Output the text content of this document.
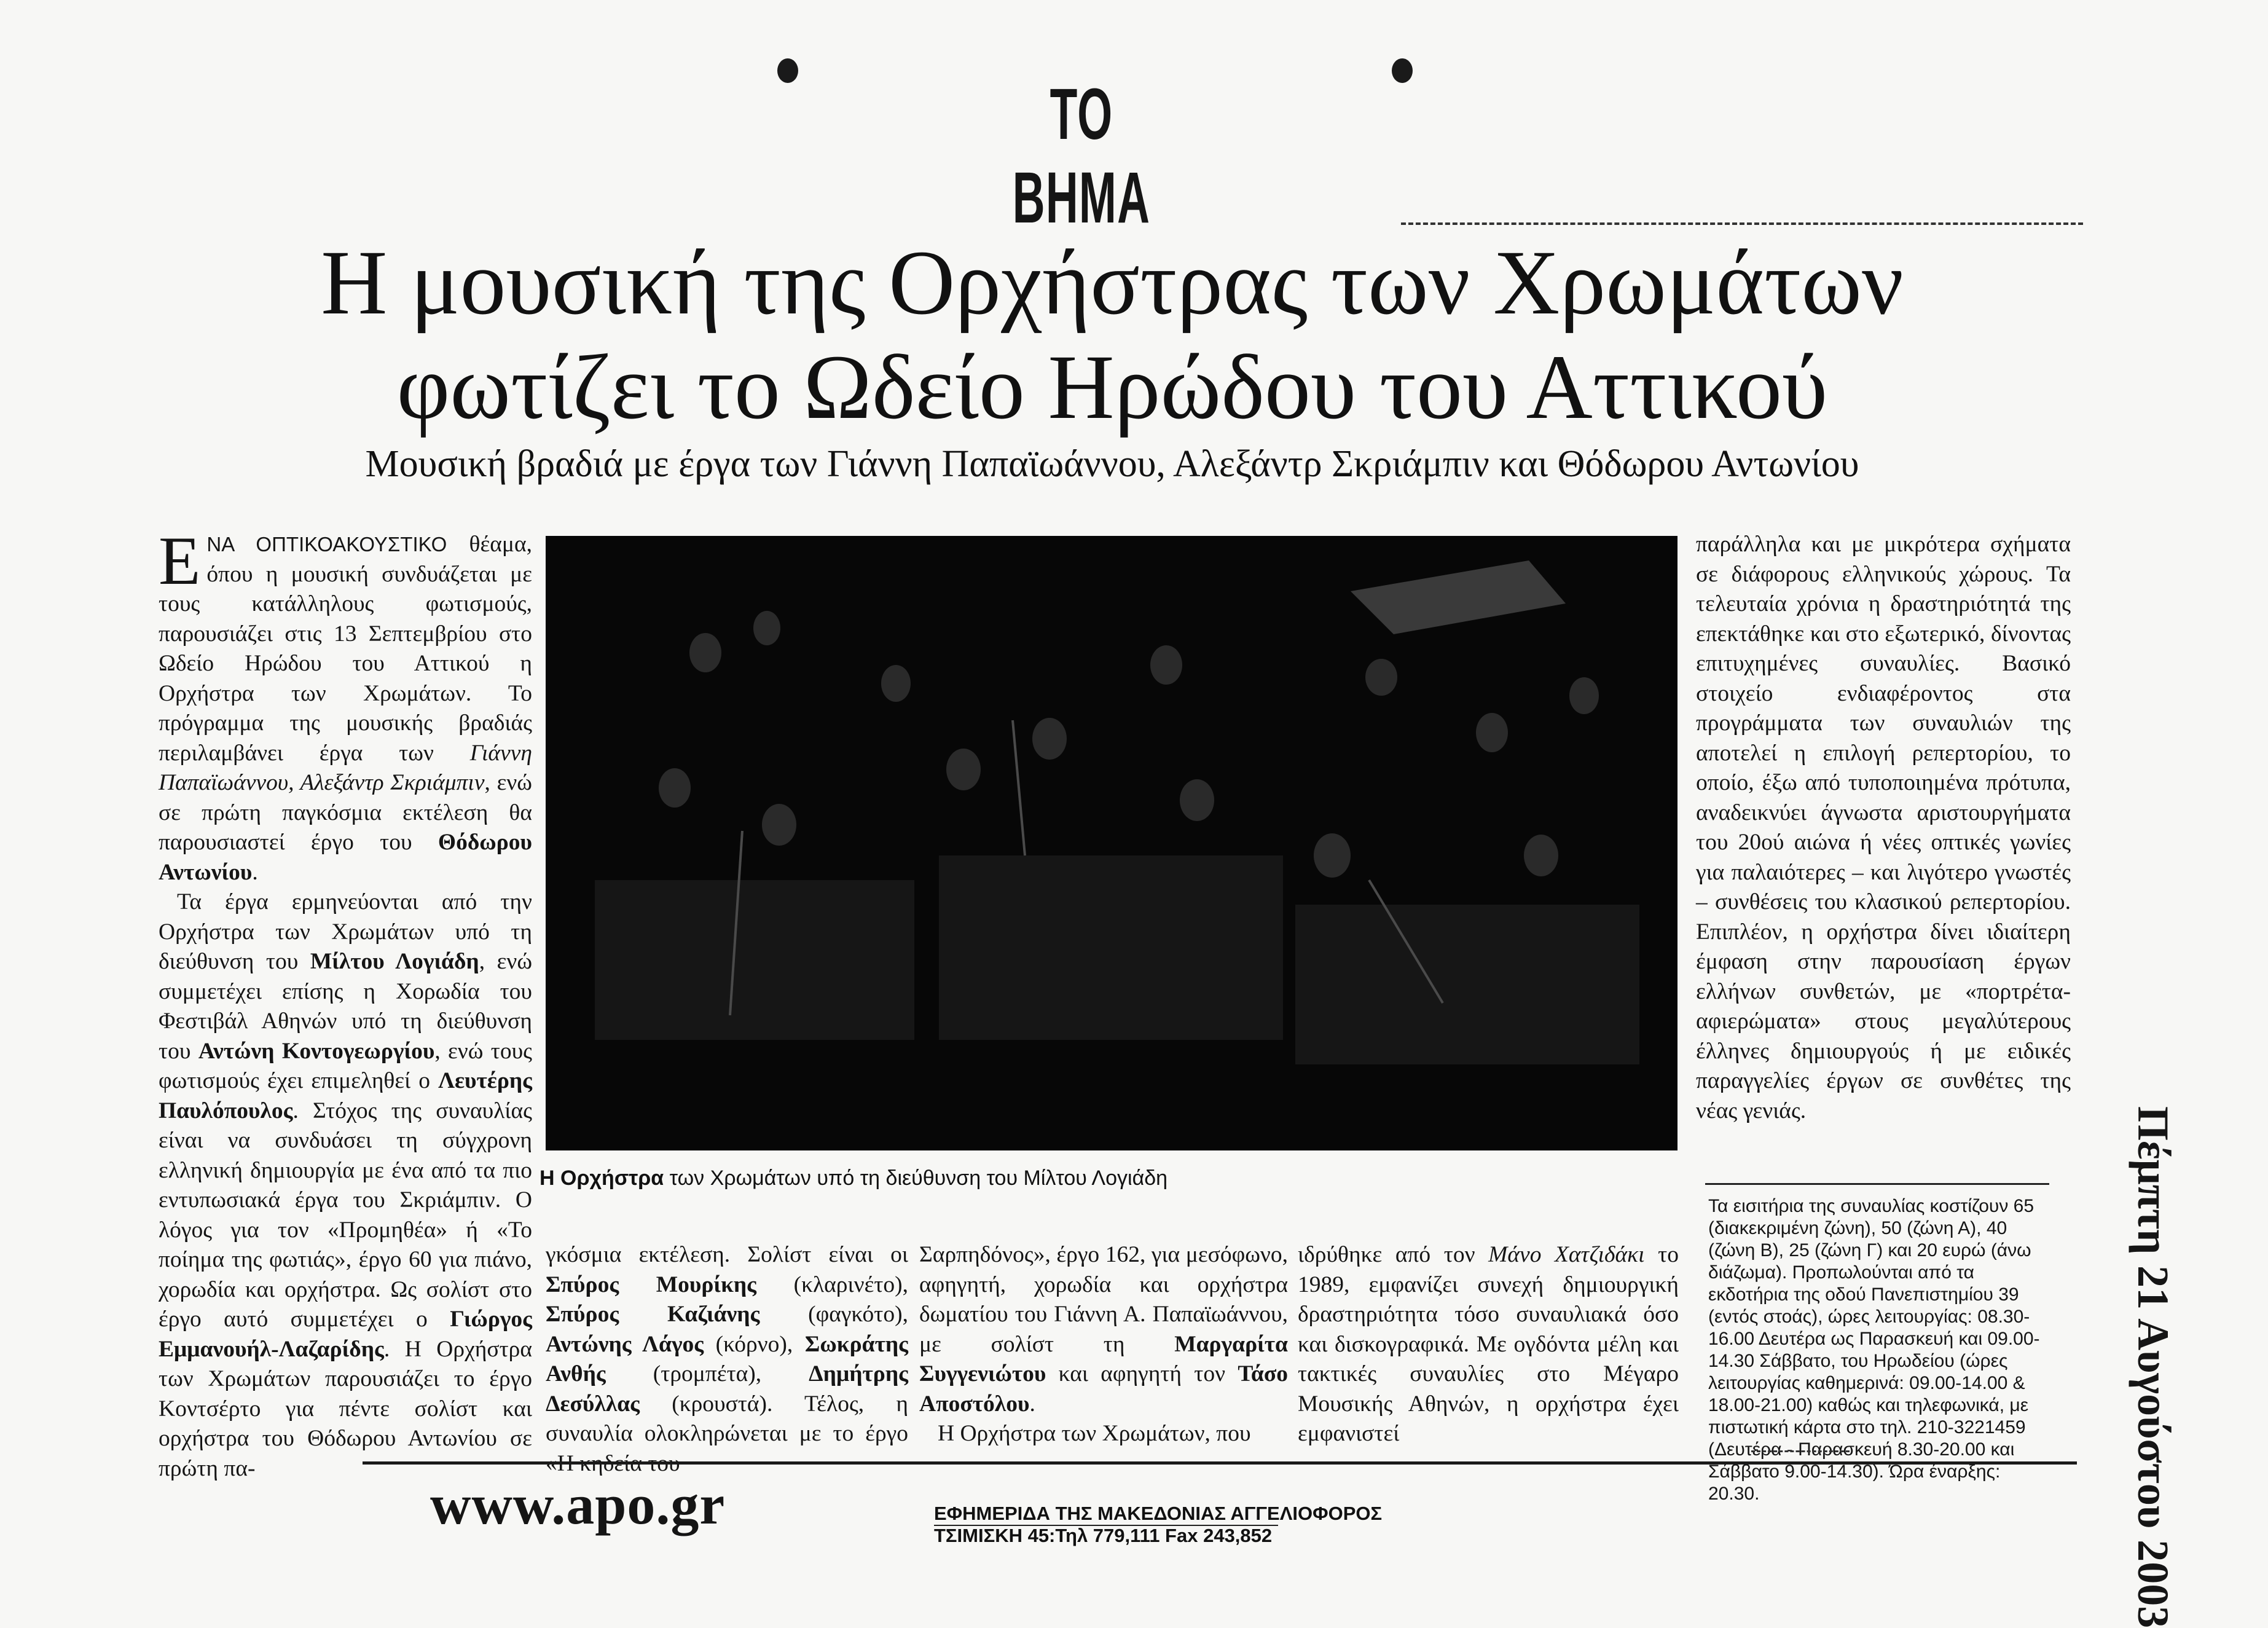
ΤΟ ΒΗΜΑ
Η μουσική της Ορχήστρας των Χρωμάτων
φωτίζει το Ωδείο Ηρώδου του Αττικού
Μουσική βραδιά με έργα των Γιάννη Παπαϊωάννου, Αλεξάντρ Σκριάμπιν και Θόδωρου Αντωνίου

ΕΝΑ ΟΠΤΙΚΟΑΚΟΥΣΤΙΚΟ θέαμα, όπου η μουσική συνδυάζεται με τους κατάλληλους φωτισμούς, παρουσιάζει στις 13 Σεπτεμβρίου στο Ωδείο Ηρώδου του Αττικού η Ορχήστρα των Χρωμάτων. Το πρόγραμμα της μουσικής βραδιάς περιλαμβάνει έργα των Γιάννη Παπαϊωάννου, Αλεξάντρ Σκριάμπιν, ενώ σε πρώτη παγκόσμια εκτέλεση θα παρουσιαστεί έργο του Θόδωρου Αντωνίου.

Τα έργα ερμηνεύονται από την Ορχήστρα των Χρωμάτων υπό τη διεύθυνση του Μίλτου Λογιάδη, ενώ συμμετέχει επίσης η Χορωδία του Φεστιβάλ Αθηνών υπό τη διεύθυνση του Αντώνη Κοντογεωργίου, ενώ τους φωτισμούς έχει επιμεληθεί ο Λευτέρης Παυλόπουλος. Στόχος της συναυλίας είναι να συνδυάσει τη σύγχρονη ελληνική δημιουργία με ένα από τα πιο εντυπωσιακά έργα του Σκριάμπιν. Ο λόγος για τον «Προμηθέα» ή «Το ποίημα της φωτιάς», έργο 60 για πιάνο, χορωδία και ορχήστρα. Ως σολίστ στο έργο αυτό συμμετέχει ο Γιώργος Εμμανουήλ-Λαζαρίδης. Η Ορχήστρα των Χρωμάτων παρουσιάζει το έργο Κοντσέρτο για πέντε σολίστ και ορχήστρα του Θόδωρου Αντωνίου σε πρώτη πα-

Η Ορχήστρα των Χρωμάτων υπό τη διεύθυνση του Μίλτου Λογιάδη

παράλληλα και με μικρότερα σχήματα σε διάφορους ελληνικούς χώρους. Τα τελευταία χρόνια η δραστηριότητά της επεκτάθηκε και στο εξωτερικό, δίνοντας επιτυχημένες συναυλίες. Βασικό στοιχείο ενδιαφέροντος στα προγράμματα των συναυλιών της αποτελεί η επιλογή ρεπερτορίου, το οποίο, έξω από τυποποιημένα πρότυπα, αναδεικνύει άγνωστα αριστουργήματα του 20ού αιώνα ή νέες οπτικές γωνίες για παλαιότερες – και λιγότερο γνωστές – συνθέσεις του κλασικού ρεπερτορίου. Επιπλέον, η ορχήστρα δίνει ιδιαίτερη έμφαση στην παρουσίαση έργων ελλήνων συνθετών, με «πορτρέτα-αφιερώματα» στους μεγαλύτερους έλληνες δημιουργούς ή με ειδικές παραγγελίες έργων σε συνθέτες της νέας γενιάς.

Τα εισιτήρια της συναυλίας κοστίζουν 65 (διακεκριμένη ζώνη), 50 (ζώνη Α), 40 (ζώνη Β), 25 (ζώνη Γ) και 20 ευρώ (άνω διάζωμα). Προπωλούνται από τα εκδοτήρια της οδού Πανεπιστημίου 39 (εντός στοάς), ώρες λειτουργίας: 08.30-16.00 Δευτέρα ως Παρασκευή και 09.00-14.30 Σάββατο, του Ηρωδείου (ώρες λειτουργίας καθημερινά: 09.00-14.00 & 18.00-21.00) καθώς και τηλεφωνικά, με πιστωτική κάρτα στο τηλ. 210-3221459 (Δευτέρα - Παρασκευή 8.30-20.00 και Σάββατο 9.00-14.30). Ώρα έναρξης: 20.30.

γκόσμια εκτέλεση. Σολίστ είναι οι Σπύρος Μουρίκης (κλαρινέτο), Σπύρος Καζιάνης (φαγκότο), Αντώνης Λάγος (κόρνο), Σωκράτης Ανθής (τρομπέτα), Δημήτρης Δεσύλλας (κρουστά). Τέλος, η συναυλία ολοκληρώνεται με το έργο «Η κηδεία του

Σαρπηδόνος», έργο 162, για μεσόφωνο, αφηγητή, χορωδία και ορχήστρα δωματίου του Γιάννη Α. Παπαϊωάννου, με σολίστ τη Μαργαρίτα Συγγενιώτου και αφηγητή τον Τάσο Αποστόλου.

Η Ορχήστρα των Χρωμάτων, που

ιδρύθηκε από τον Μάνο Χατζιδάκι το 1989, εμφανίζει συνεχή δημιουργική δραστηριότητα τόσο συναυλιακά όσο και δισκογραφικά. Με ογδόντα μέλη και τακτικές συναυλίες στο Μέγαρο Μουσικής Αθηνών, η ορχήστρα έχει εμφανιστεί

www.apo.gr	ΕΦΗΜΕΡΙΔΑ ΤΗΣ ΜΑΚΕΔΟΝΙΑΣ ΑΓΓΕΛΙΟΦΟΡΟΣ
ΤΣΙΜΙΣΚΗ 45:Τηλ 779,111 Fax 243,852	Πέμπτη 21 Αυγούστου 2003
